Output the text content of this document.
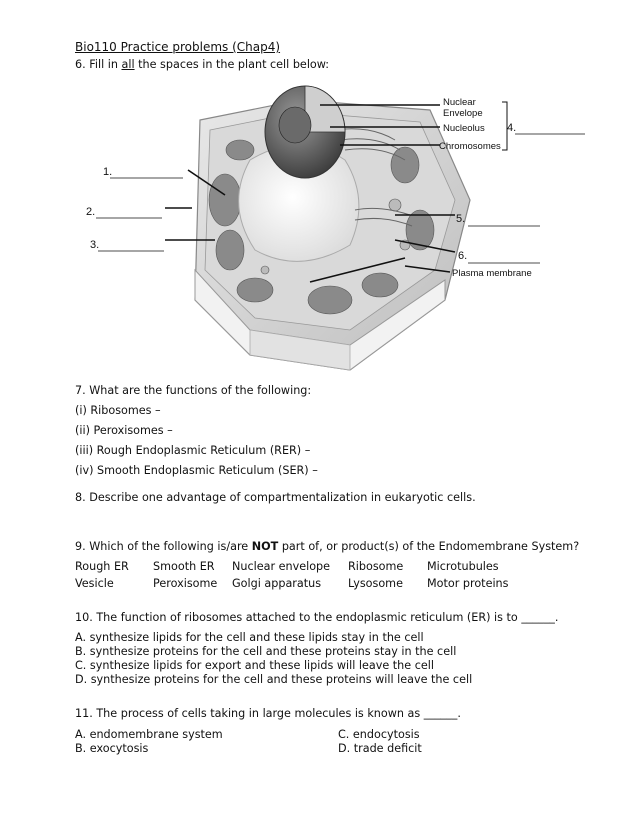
Bio110 Practice problems (Chap4)
6. Fill in all the spaces in the plant cell below:
Nuclear
Envelope
Nucleolus
Chromosomes
Plasma membrane
1.
2.
3.
4.
5.
6.
7. What are the functions of the following:
(i) Ribosomes –
(ii) Peroxisomes –
(iii) Rough Endoplasmic Reticulum (RER) –
(iv) Smooth Endoplasmic Reticulum (SER) –
8. Describe one advantage of compartmentalization in eukaryotic cells.
9. Which of the following is/are NOT part of, or product(s) of the Endomembrane System?
Rough ER Smooth ER Nuclear envelope Ribosome Microtubules
Vesicle	Peroxisome Golgi apparatus Lysosome Motor proteins
10. The function of ribosomes attached to the endoplasmic reticulum (ER) is to ______.
A. synthesize lipids for the cell and these lipids stay in the cell
B. synthesize proteins for the cell and these proteins stay in the cell
C. synthesize lipids for export and these lipids will leave the cell
D. synthesize proteins for the cell and these proteins will leave the cell
11. The process of cells taking in large molecules is known as ______.
A. endomembrane system
B. exocytosis
C. endocytosis
D. trade deficit
